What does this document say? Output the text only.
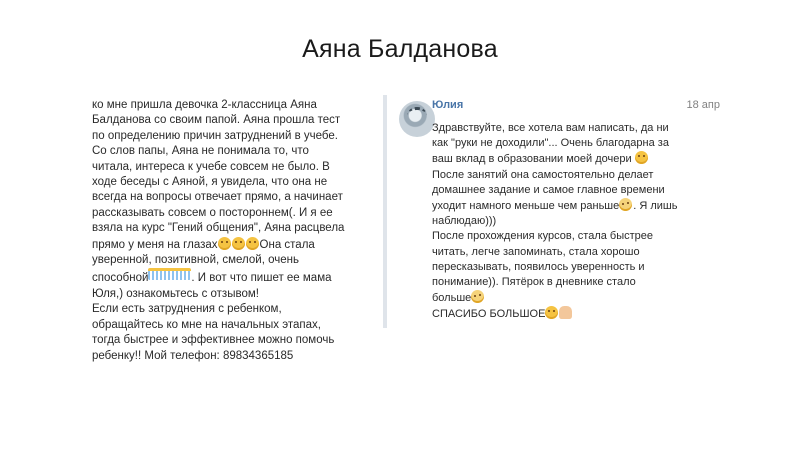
Аяна Балданова
ко мне пришла девочка 2-классница Аяна
Балданова со своим папой. Аяна прошла тест
по определению причин затруднений в учебе.
Со слов папы, Аяна не понимала то, что
читала, интереса к учебе совсем не было. В
ходе беседы с Аяной, я увидела, что она не
всегда на вопросы отвечает прямо, а начинает
рассказывать совсем о постороннем(. И я ее
взяла на курс "Гений общения", Аяна расцвела
прямо у меня на глазах	Она стала
уверенной, позитивной, смелой, очень
способной	. И вот что пишет ее мама
Юля,) ознакомьтесь с отзывом!
Если есть затруднения с ребенком,
обращайтесь ко мне на начальных этапах,
тогда быстрее и эффективнее можно помочь
ребенку!! Мой телефон: 89834365185
Юлия	18 апр
Здравствуйте, все хотела вам написать, да ни
как "руки не доходили"... Очень благодарна за
ваш вклад в образовании моей дочери
После занятий она самостоятельно делает
домашнее задание и самое главное времени
уходит намного меньше чем раньше . Я лишь
наблюдаю)))
После прохождения курсов, стала быстрее
читать, легче запоминать, стала хорошо
пересказывать, появилось уверенность и
понимание)). Пятёрок в дневнике стало
больше
СПАСИБО БОЛЬШОЕ
